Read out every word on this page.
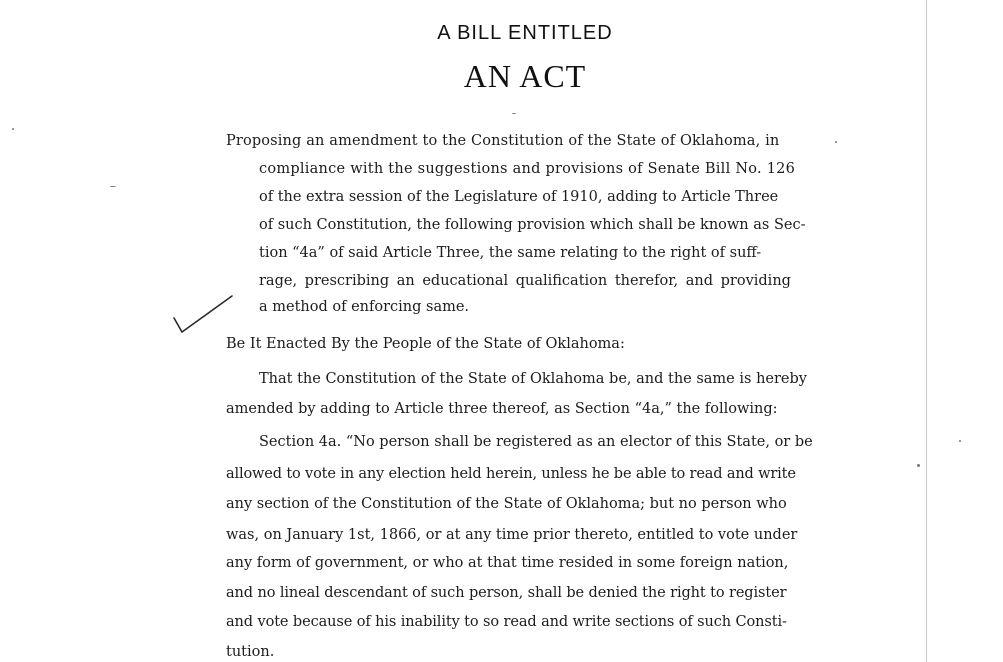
A BILL ENTITLED
AN ACT
Proposing an amendment to the Constitution of the State of Oklahoma, in
compliance with the suggestions and provisions of Senate Bill No. 126
of the extra session of the Legislature of 1910, adding to Article Three
of such Constitution, the following provision which shall be known as Sec-
tion “4a” of said Article Three, the same relating to the right of suff-
rage, prescribing an educational qualification therefor, and providing
a method of enforcing same.
Be It Enacted By the People of the State of Oklahoma:
That the Constitution of the State of Oklahoma be, and the same is hereby
amended by adding to Article three thereof, as Section “4a,” the following:
Section 4a. “No person shall be registered as an elector of this State, or be
allowed to vote in any election held herein, unless he be able to read and write
any section of the Constitution of the State of Oklahoma; but no person who
was, on January 1st, 1866, or at any time prior thereto, entitled to vote under
any form of government, or who at that time resided in some foreign nation,
and no lineal descendant of such person, shall be denied the right to register
and vote because of his inability to so read and write sections of such Consti-
tution.
